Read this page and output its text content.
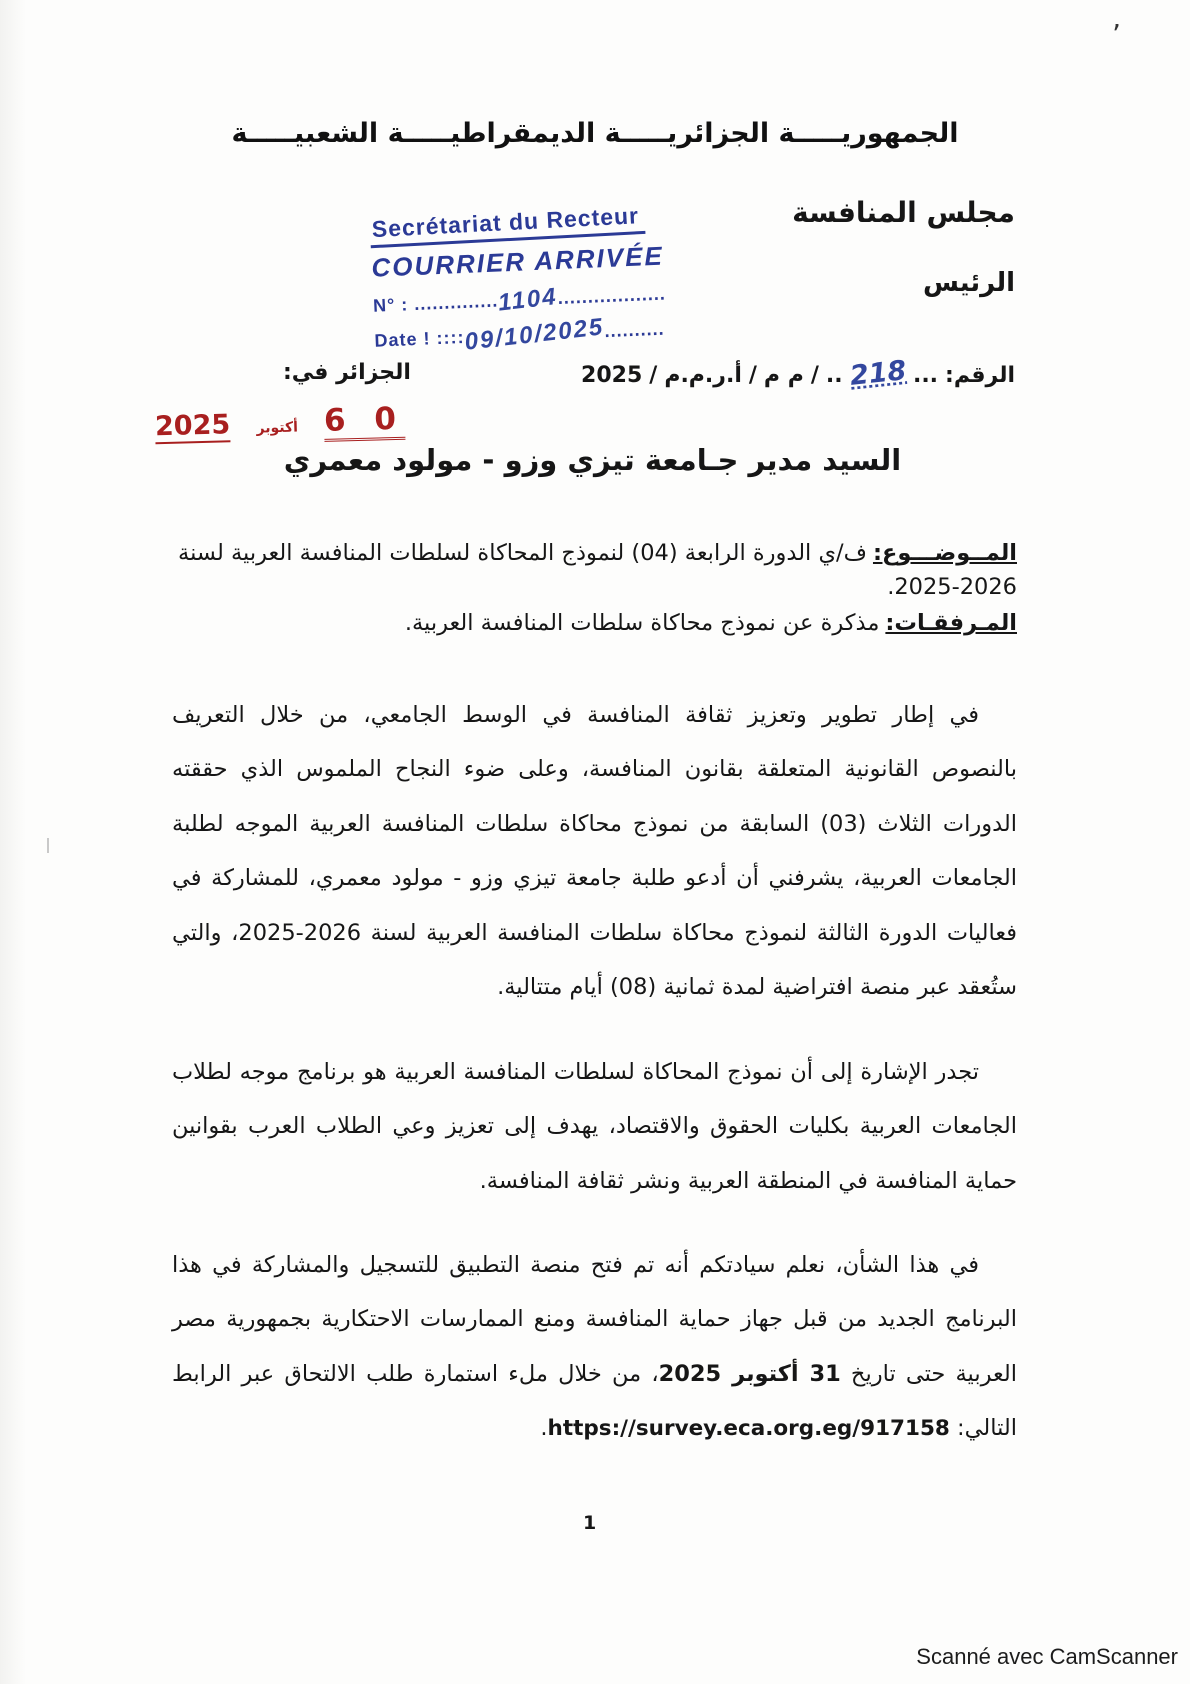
’
الجمهوريـــــة الجزائريـــــة الديمقراطيـــــة الشعبيـــــة
مجلس المنافسة
الرئيس
Secrétariat du Recteur
COURRIER ARRIVÉE
N° : .............. 1104 ..................
Date ! :::: 09/10/2025 ..........
الرقم:
...
218
..
/
م م
/
أ.ر.م.م
/
2025
الجزائر في:
0 6
أكتوبر
2025
السيد مدير جـامعة تيزي وزو - مولود معمري
المــوضـــوع:ف/ي الدورة الرابعة (04) لنموذج المحاكاة لسلطات المنافسة العربية لسنة 2026-2025.
المـرفقـات:مذكرة عن نموذج محاكاة سلطات المنافسة العربية.

في إطار تطوير وتعزيز ثقافة المنافسة في الوسط الجامعي، من خلال التعريف بالنصوص القانونية المتعلقة بقانون المنافسة، وعلى ضوء النجاح الملموس الذي حققته الدورات الثلاث (03) السابقة من نموذج محاكاة سلطات المنافسة العربية الموجه لطلبة الجامعات العربية، يشرفني أن أدعو طلبة جامعة تيزي وزو - مولود معمري، للمشاركة في فعاليات الدورة الثالثة لنموذج محاكاة سلطات المنافسة العربية لسنة 2026-2025، والتي ستُعقد عبر منصة افتراضية لمدة ثمانية (08) أيام متتالية.

تجدر الإشارة إلى أن نموذج المحاكاة لسلطات المنافسة العربية هو برنامج موجه لطلاب الجامعات العربية بكليات الحقوق والاقتصاد، يهدف إلى تعزيز وعي الطلاب العرب بقوانين حماية المنافسة في المنطقة العربية ونشر ثقافة المنافسة.

في هذا الشأن، نعلم سيادتكم أنه تم فتح منصة التطبيق للتسجيل والمشاركة في هذا البرنامج الجديد من قبل جهاز حماية المنافسة ومنع الممارسات الاحتكارية بجمهورية مصر العربية حتى تاريخ 31 أكتوبر 2025، من خلال ملء استمارة طلب الالتحاق عبر الرابط التالي: https://survey.eca.org.eg/917158.

1
Scanné avec CamScanner
